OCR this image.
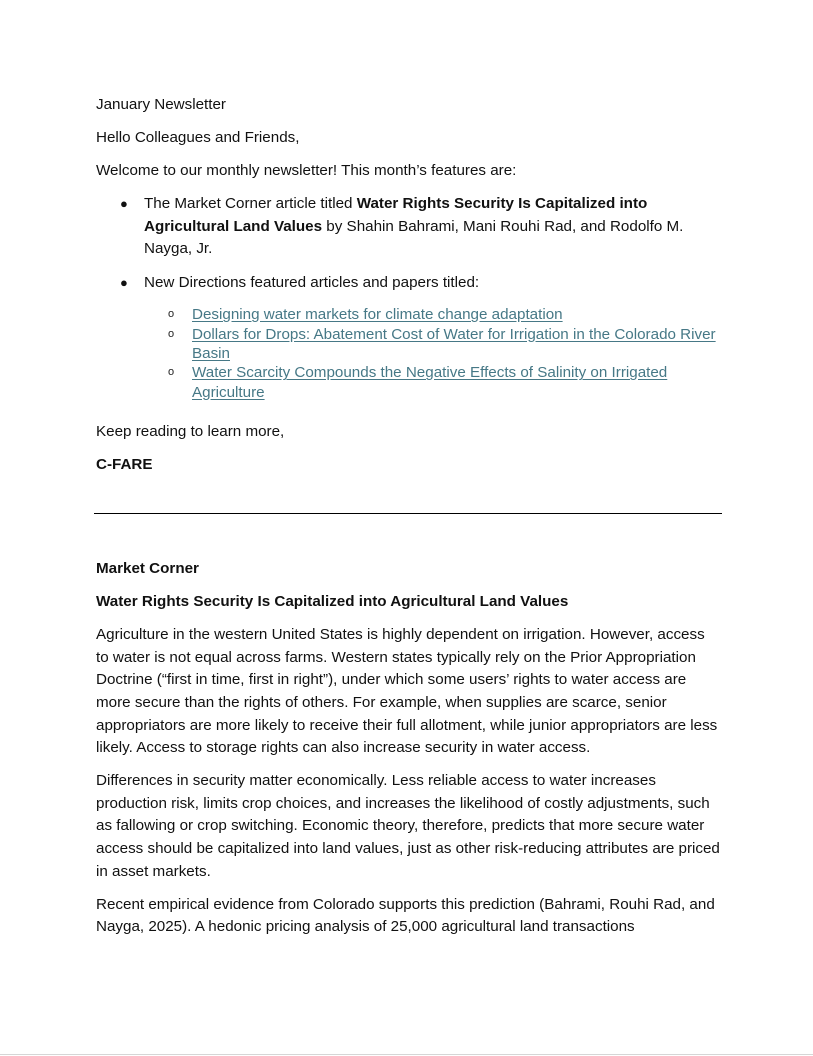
January Newsletter

Hello Colleagues and Friends,

Welcome to our monthly newsletter! This month’s features are:

● The Market Corner article titled Water Rights Security Is Capitalized into Agricultural Land Values by Shahin Bahrami, Mani Rouhi Rad, and Rodolfo M. Nayga, Jr.
● New Directions featured articles and papers titled:
o Designing water markets for climate change adaptation
o Dollars for Drops: Abatement Cost of Water for Irrigation in the Colorado River Basin
o Water Scarcity Compounds the Negative Effects of Salinity on Irrigated Agriculture

Keep reading to learn more,

C-FARE

Market Corner

Water Rights Security Is Capitalized into Agricultural Land Values

Agriculture in the western United States is highly dependent on irrigation. However, access to water is not equal across farms. Western states typically rely on the Prior Appropriation Doctrine (“first in time, first in right”), under which some users’ rights to water access are more secure than the rights of others. For example, when supplies are scarce, senior appropriators are more likely to receive their full allotment, while junior appropriators are less likely. Access to storage rights can also increase security in water access.

Differences in security matter economically. Less reliable access to water increases production risk, limits crop choices, and increases the likelihood of costly adjustments, such as fallowing or crop switching. Economic theory, therefore, predicts that more secure water access should be capitalized into land values, just as other risk-reducing attributes are priced in asset markets.

Recent empirical evidence from Colorado supports this prediction (Bahrami, Rouhi Rad, and Nayga, 2025). A hedonic pricing analysis of 25,000 agricultural land transactions
